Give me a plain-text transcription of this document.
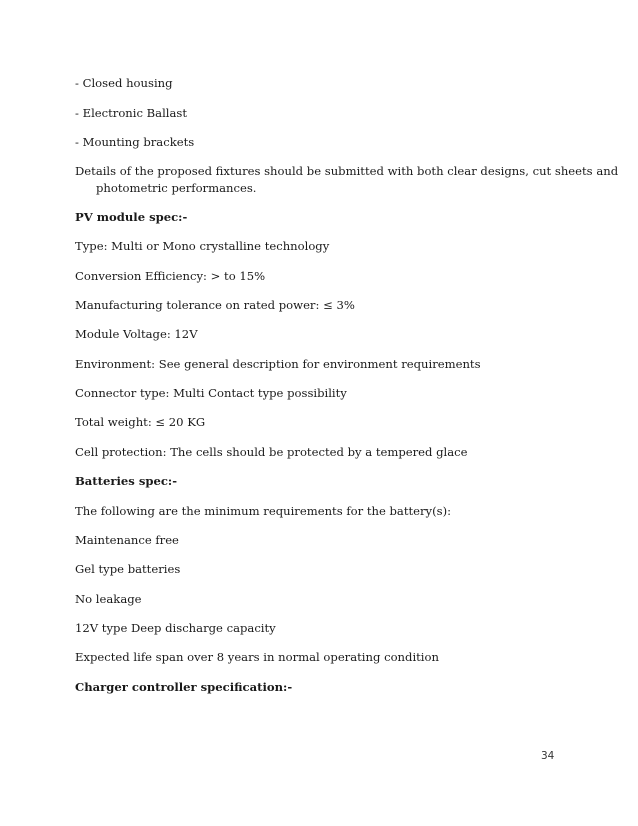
- Closed housing

- Electronic Ballast

- Mounting brackets

Details of the proposed fixtures should be submitted with both clear designs, cut sheets and

photometric performances.

PV module spec:-

Type: Multi or Mono crystalline technology

Conversion Efficiency: > to 15%

Manufacturing tolerance on rated power: ≤ 3%

Module Voltage: 12V

Environment: See general description for environment requirements

Connector type: Multi Contact type possibility

Total weight: ≤ 20 KG

Cell protection: The cells should be protected by a tempered glace

Batteries spec:-

The following are the minimum requirements for the battery(s):

Maintenance free

Gel type batteries

No leakage

12V type Deep discharge capacity

Expected life span over 8 years in normal operating condition

Charger controller specification:-

34
